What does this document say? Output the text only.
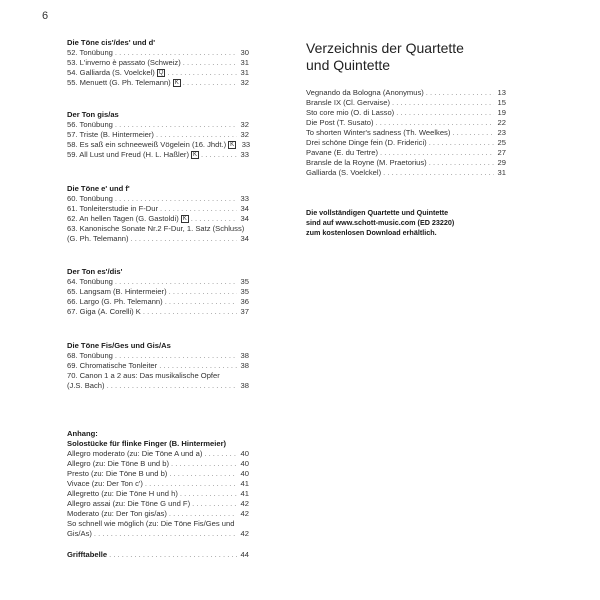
6
Die Töne cis'/des' und d'
52. Tonübung . . .	30
53. L'inverno è passato (Schweiz) . . .	31
54. Galliarda (S. Voelckel) Q . . .	31
55. Menuett (G. Ph. Telemann) K . . .	32
Der Ton gis/as
56. Tonübung . . .	32
57. Triste (B. Hintermeier) . . .	32
58. Es saß ein schneeweiß Vögelein (16. Jhdt.) K 33
59. All Lust und Freud (H. L. Haßler) K . . .	33
Die Töne e' und f'
60. Tonübung . . .	33
61. Tonleiterstudie in F-Dur . . .	34
62. An hellen Tagen (G. Gastoldi) K . . .	34
63. Kanonische Sonate Nr.2 F-Dur, 1. Satz (Schluss)
(G. Ph. Telemann) . . .	34
Der Ton es'/dis'
64. Tonübung . . .	35
65. Langsam (B. Hintermeier) . . .	35
66. Largo (G. Ph. Telemann) . . .	36
67. Giga (A. Corelli) K . . .	37
Die Töne Fis/Ges und Gis/As
68. Tonübung . . .	38
69. Chromatische Tonleiter . . .	38
70. Canon 1 a 2 aus: Das musikalische Opfer
(J.S. Bach) . . .	38
Anhang:
Solostücke für flinke Finger (B. Hintermeier)
Allegro moderato (zu: Die Töne A und a) . . .	40
Allegro (zu: Die Töne B und b) . . .	40
Presto (zu: Die Töne B und b) . . .	40
Vivace (zu: Der Ton c') . . .	41
Allegretto (zu: Die Töne H und h) . . .	41
Allegro assai (zu: Die Töne G und F) . . .	42
Moderato (zu: Der Ton gis/as) . . .	42
So schnell wie möglich (zu: Die Töne Fis/Ges und
Gis/As) . . .	42
Grifftabelle . . .	44
Verzeichnis der Quartette
und Quintette
Vegnando da Bologna (Anonymus) . . .	13
Bransle IX (Cl. Gervaise) . . .	15
Sto core mio (O. di Lasso) . . .	19
Die Post (T. Susato) . . .	22
To shorten Winter's sadness (Th. Weelkes) . . .	23
Drei schöne Dinge fein (D. Friderici) . . .	25
Pavane (E. du Tertre) . . .	27
Bransle de la Royne (M. Praetorius) . . .	29
Galliarda (S. Voelckel) . . .	31
Die vollständigen Quartette und Quintette
sind auf www.schott-music.com (ED 23220)
zum kostenlosen Download erhältlich.
